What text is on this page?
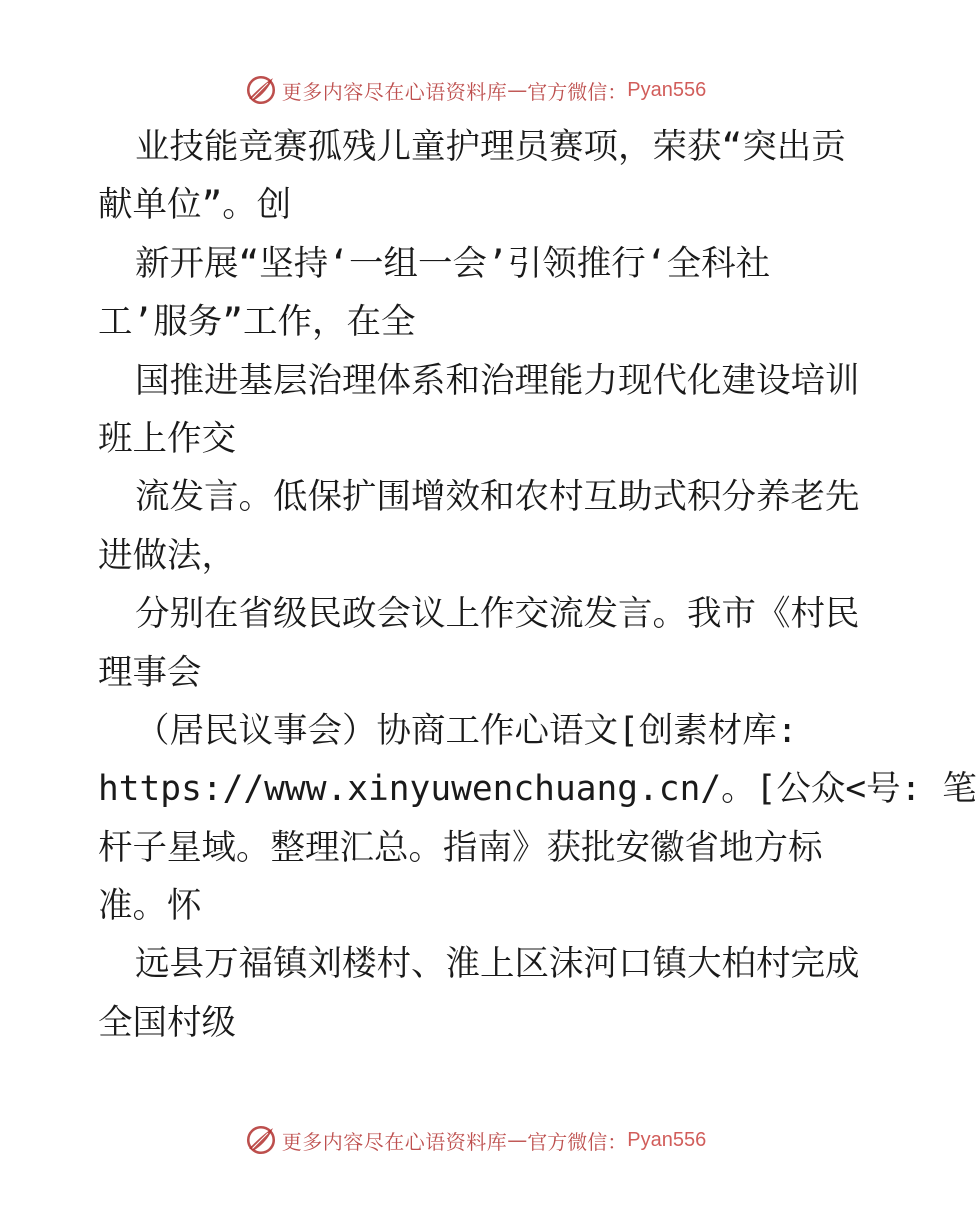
更多内容尽在心语资料库 — 官方微信： Pyan556
业技能竞赛孤残儿童护理员赛项，荣获“突出贡
献单位”。创
新开展“坚持‘一组一会’引领推行‘全科社
工’服务”工作，在全
国推进基层治理体系和治理能力现代化建设培训
班上作交
流发言。低保扩围增效和农村互助式积分养老先
进做法，
分别在省级民政会议上作交流发言。我市《村民
理事会
（居民议事会）协商工作心语文[创素材库:
https://www.xinyuwenchuang.cn/。[公众<号: 笔
杆子星域。整理汇总。指南》获批安徽省地方标
准。怀
远县万福镇刘楼村、淮上区沫河口镇大柏村完成
全国村级
更多内容尽在心语资料库 — 官方微信： Pyan556
